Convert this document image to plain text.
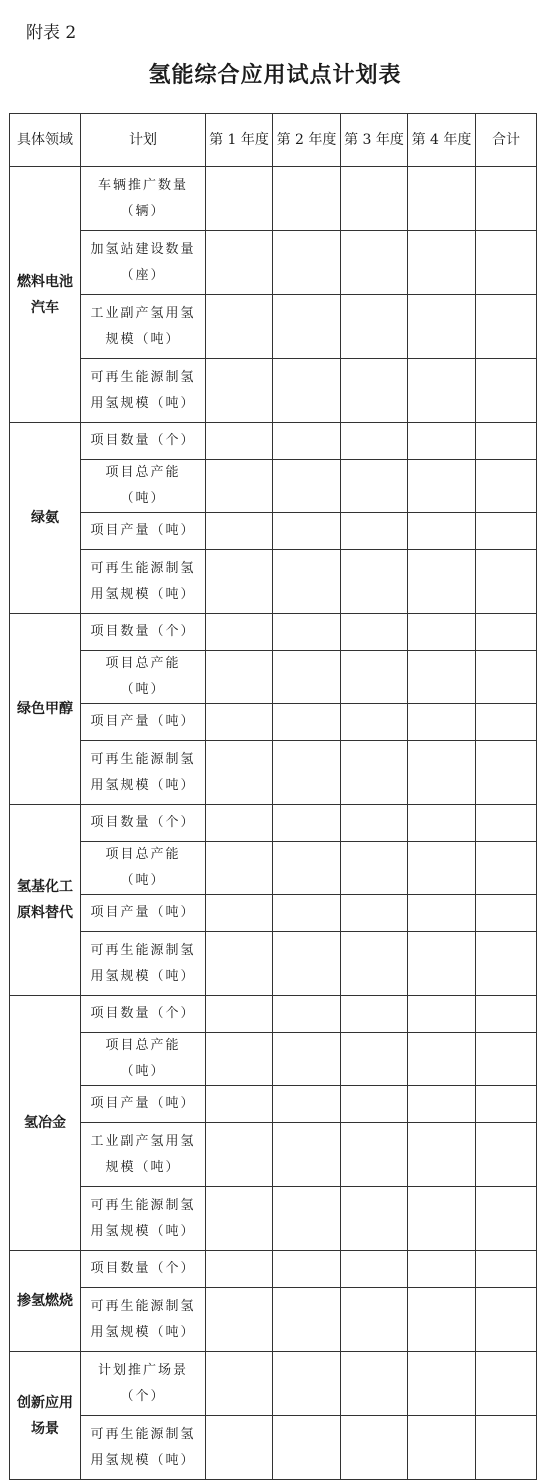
附表 2
氢能综合应用试点计划表
具体领域	计划	第 1 年度	第 2 年度	第 3 年度	第 4 年度	合计
燃料电池汽车	车辆推广数量（辆）					
	加氢站建设数量（座）					
	工业副产氢用氢规模（吨）					
	可再生能源制氢用氢规模（吨）					
绿氨	项目数量（个）					
	项目总产能（吨）					
	项目产量（吨）					
	可再生能源制氢用氢规模（吨）					
绿色甲醇	项目数量（个）					
	项目总产能（吨）					
	项目产量（吨）					
	可再生能源制氢用氢规模（吨）					
氢基化工原料替代	项目数量（个）					
	项目总产能（吨）					
	项目产量（吨）					
	可再生能源制氢用氢规模（吨）					
氢冶金	项目数量（个）					
	项目总产能（吨）					
	项目产量（吨）					
	工业副产氢用氢规模（吨）					
	可再生能源制氢用氢规模（吨）					
掺氢燃烧	项目数量（个）					
	可再生能源制氢用氢规模（吨）					
创新应用场景	计划推广场景（个）					
	可再生能源制氢用氢规模（吨）					
